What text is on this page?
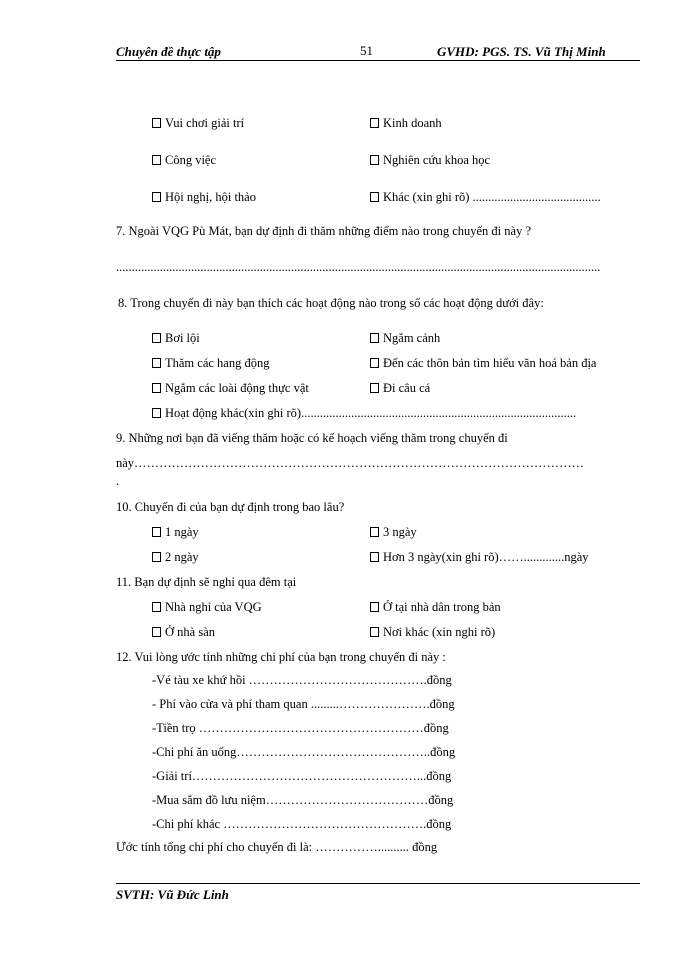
Chuyên đề thực tập	51	GVHD: PGS. TS. Vũ Thị Minh
Vui chơi giải trí	Kinh doanh
Công việc	Nghiên cứu khoa học
Hội nghị, hội thảo	Khác (xin ghi rõ) .........................................
7. Ngoài VQG Pù Mát, bạn dự định đi thăm những điểm nào trong chuyến đi này ?
...........................................................................................................................................................
8. Trong chuyến đi này bạn thích các hoạt động nào trong số các hoạt động dưới đây:
Bơi lội	Ngắm cảnh
Thăm các hang động	Đến các thôn bản tìm hiểu văn hoá bản địa
Ngắm các loài động thực vật	Đi câu cá
Hoạt động khác(xin ghi rõ)........................................................................................
9. Những nơi bạn đã viếng thăm hoặc có kế hoạch viếng thăm trong chuyến đi
này………………………………………………………………………………………………
.
10. Chuyến đi của bạn dự định trong bao lâu?
1 ngày	3 ngày
2 ngày	Hơn 3 ngày(xin ghi rõ)…….............ngày
11. Bạn dự định sẽ nghỉ qua đêm tại
Nhà nghỉ của VQG	Ở tại nhà dân trong bản
Ở nhà sàn	Nơi khác (xin nghi rõ)
12. Vui lòng ước tính những chi phí của bạn trong chuyến đi này :
-Vé tàu xe khứ hồi …………………………………….đồng
- Phí vào cửa và phí tham quan .........………………….đồng
-Tiền trọ ………………………………………………đồng
-Chi phí ăn uống………………………………………..đồng
-Giải trí………………………………………………...đồng
-Mua sắm đồ lưu niệm…………………………………đồng
-Chi phí khác ………………………………………….đồng
Ước tính tổng chi phí cho chuyến đi là: …………….......... đồng
SVTH: Vũ Đức Linh
